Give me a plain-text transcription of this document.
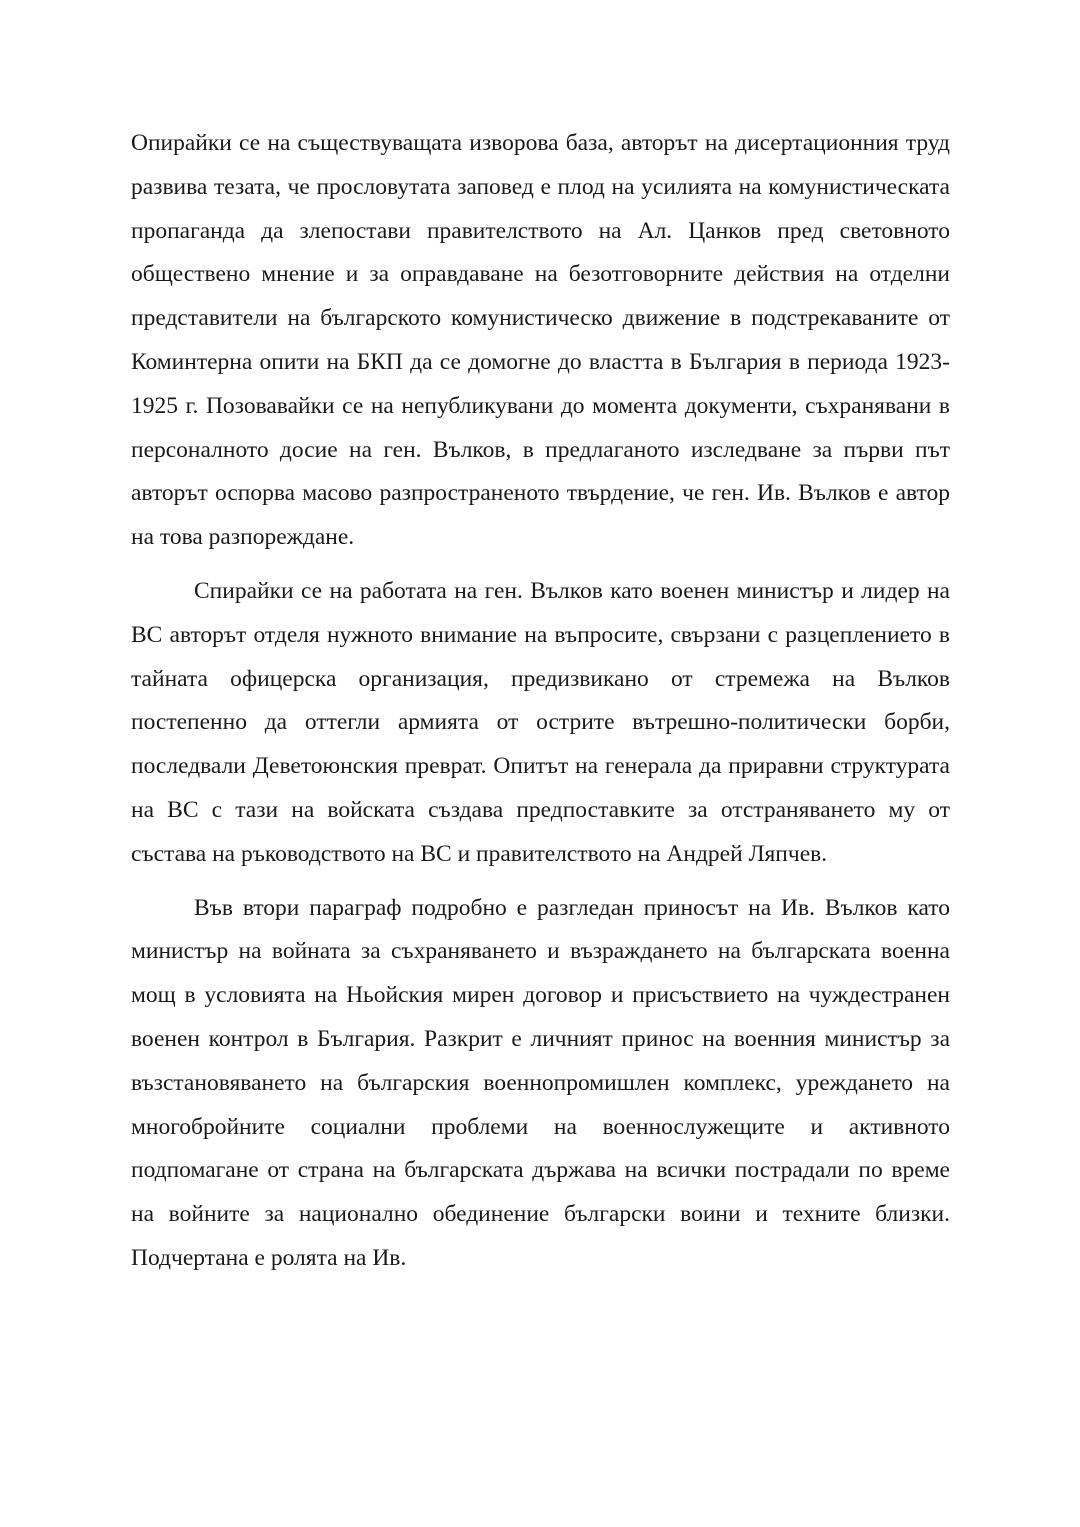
Опирайки се на съществуващата изворова база, авторът на дисертационния труд развива тезата, че прословутата заповед е плод на усилията на комунистическата пропаганда да злепостави правителството на Ал. Цанков пред световното обществено мнение и за оправдаване на безотговорните действия на отделни представители на българското комунистическо движение в подстрекаваните от Коминтерна опити на БКП да се домогне до властта в България в периода 1923-1925 г. Позовавайки се на непубликувани до момента документи, съхранявани в персоналното досие на ген. Вълков, в предлаганото изследване за първи път авторът оспорва масово разпространеното твърдение, че ген. Ив. Вълков е автор на това разпореждане.

Спирайки се на работата на ген. Вълков като военен министър и лидер на ВС авторът отделя нужното внимание на въпросите, свързани с разцеплението в тайната офицерска организация, предизвикано от стремежа на Вълков постепенно да оттегли армията от острите вътрешно-политически борби, последвали Деветоюнския преврат. Опитът на генерала да приравни структурата на ВС с тази на войската създава предпоставките за отстраняването му от състава на ръководството на ВС и правителството на Андрей Ляпчев.

Във втори параграф подробно е разгледан приносът на Ив. Вълков като министър на войната за съхраняването и възраждането на българската военна мощ в условията на Ньойския мирен договор и присъствието на чуждестранен военен контрол в България. Разкрит е личният принос на военния министър за възстановяването на българския военнопромишлен комплекс, уреждането на многобройните социални проблеми на военнослужещите и активното подпомагане от страна на българската държава на всички пострадали по време на войните за национално обединение български воини и техните близки. Подчертана е ролята на Ив.
